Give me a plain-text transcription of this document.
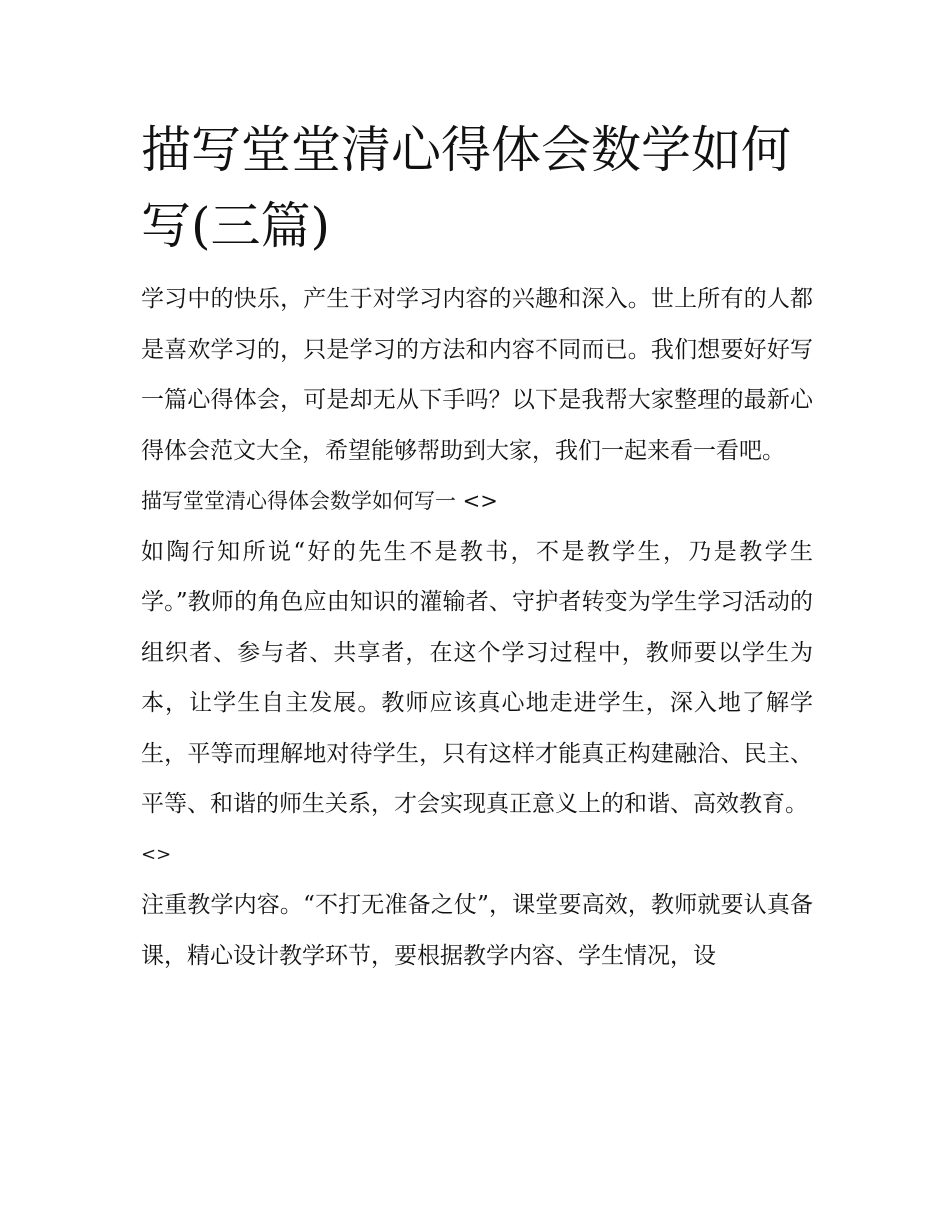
描写堂堂清心得体会数学如何写(三篇)

学习中的快乐，产生于对学习内容的兴趣和深入。世上所有的人都是喜欢学习的，只是学习的方法和内容不同而已。我们想要好好写一篇心得体会，可是却无从下手吗？以下是我帮大家整理的最新心得体会范文大全，希望能够帮助到大家，我们一起来看一看吧。

描写堂堂清心得体会数学如何写一 <>

如陶行知所说“好的先生不是教书，不是教学生，乃是教学生学。”教师的角色应由知识的灌输者、守护者转变为学生学习活动的组织者、参与者、共享者，在这个学习过程中，教师要以学生为本，让学生自主发展。教师应该真心地走进学生，深入地了解学生，平等而理解地对待学生，只有这样才能真正构建融洽、民主、平等、和谐的师生关系，才会实现真正意义上的和谐、高效教育。

<>

注重教学内容。“不打无准备之仗”，课堂要高效，教师就要认真备课，精心设计教学环节，要根据教学内容、学生情况，设
